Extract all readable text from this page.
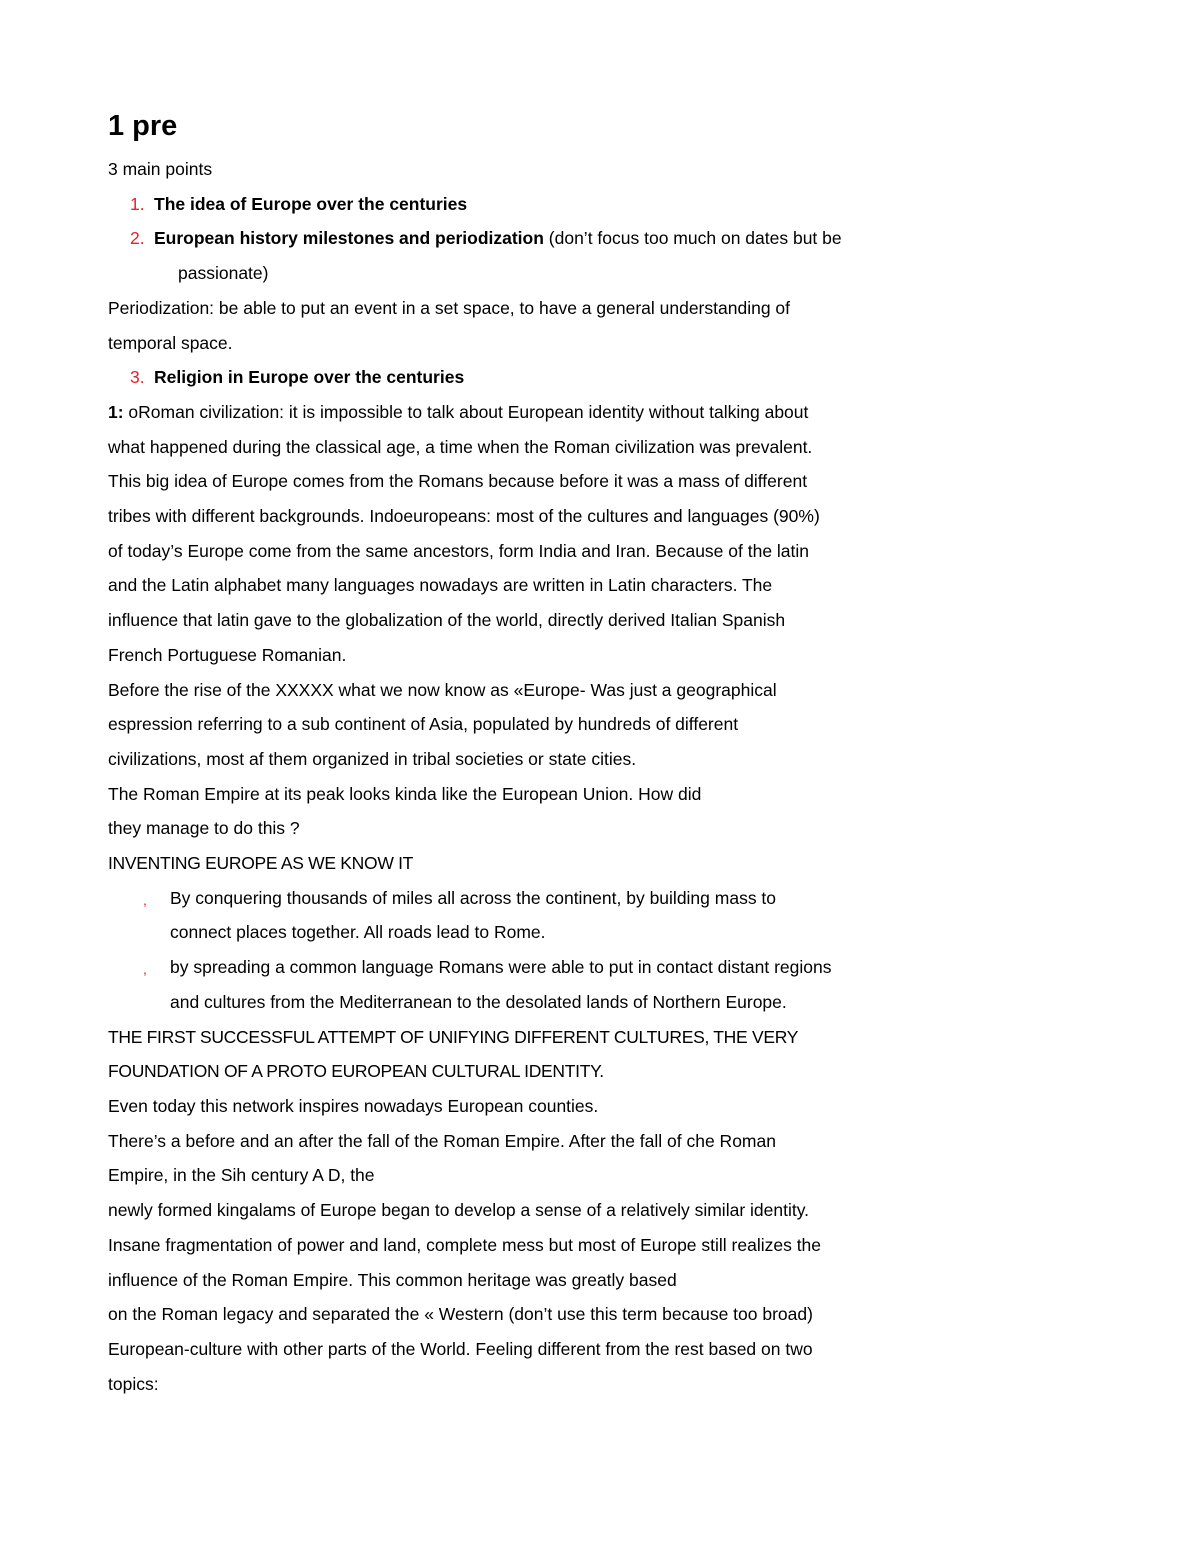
1 pre

3 main points

1. The idea of Europe over the centuries
2. European history milestones and periodization (don’t focus too much on dates but be

passionate)

Periodization: be able to put an event in a set space, to have a general understanding of

temporal space.

3. Religion in Europe over the centuries

1: oRoman civilization: it is impossible to talk about European identity without talking about

what happened during the classical age, a time when the Roman civilization was prevalent.

This big idea of Europe comes from the Romans because before it was a mass of different

tribes with different backgrounds. Indoeuropeans: most of the cultures and languages (90%)

of today’s Europe come from the same ancestors, form India and Iran. Because of the latin

and the Latin alphabet many languages nowadays are written in Latin characters. The

influence that latin gave to the globalization of the world, directly derived Italian Spanish

French Portuguese Romanian.

Before the rise of the XXXXX what we now know as «Europe- Was just a geographical

espression referring to a sub continent of Asia, populated by hundreds of different

civilizations, most af them organized in tribal societies or state cities.

The Roman Empire at its peak looks kinda like the European Union. How did

they manage to do this ?

INVENTING EUROPE AS WE KNOW IT

,	By conquering thousands of miles all across the continent, by building mass to
connect places together. All roads lead to Rome.
,	by spreading a common language Romans were able to put in contact distant regions
and cultures from the Mediterranean to the desolated lands of Northern Europe.

THE FIRST SUCCESSFUL ATTEMPT OF UNIFYING DIFFERENT CULTURES, THE VERY

FOUNDATION OF A PROTO EUROPEAN CULTURAL IDENTITY.

Even today this network inspires nowadays European counties.

There’s a before and an after the fall of the Roman Empire. After the fall of che Roman

Empire, in the Sih century A D, the

newly formed kingalams of Europe began to develop a sense of a relatively similar identity.

Insane fragmentation of power and land, complete mess but most of Europe still realizes the

influence of the Roman Empire. This common heritage was greatly based

on the Roman legacy and separated the « Western (don’t use this term because too broad)

European-culture with other parts of the World. Feeling different from the rest based on two

topics:
